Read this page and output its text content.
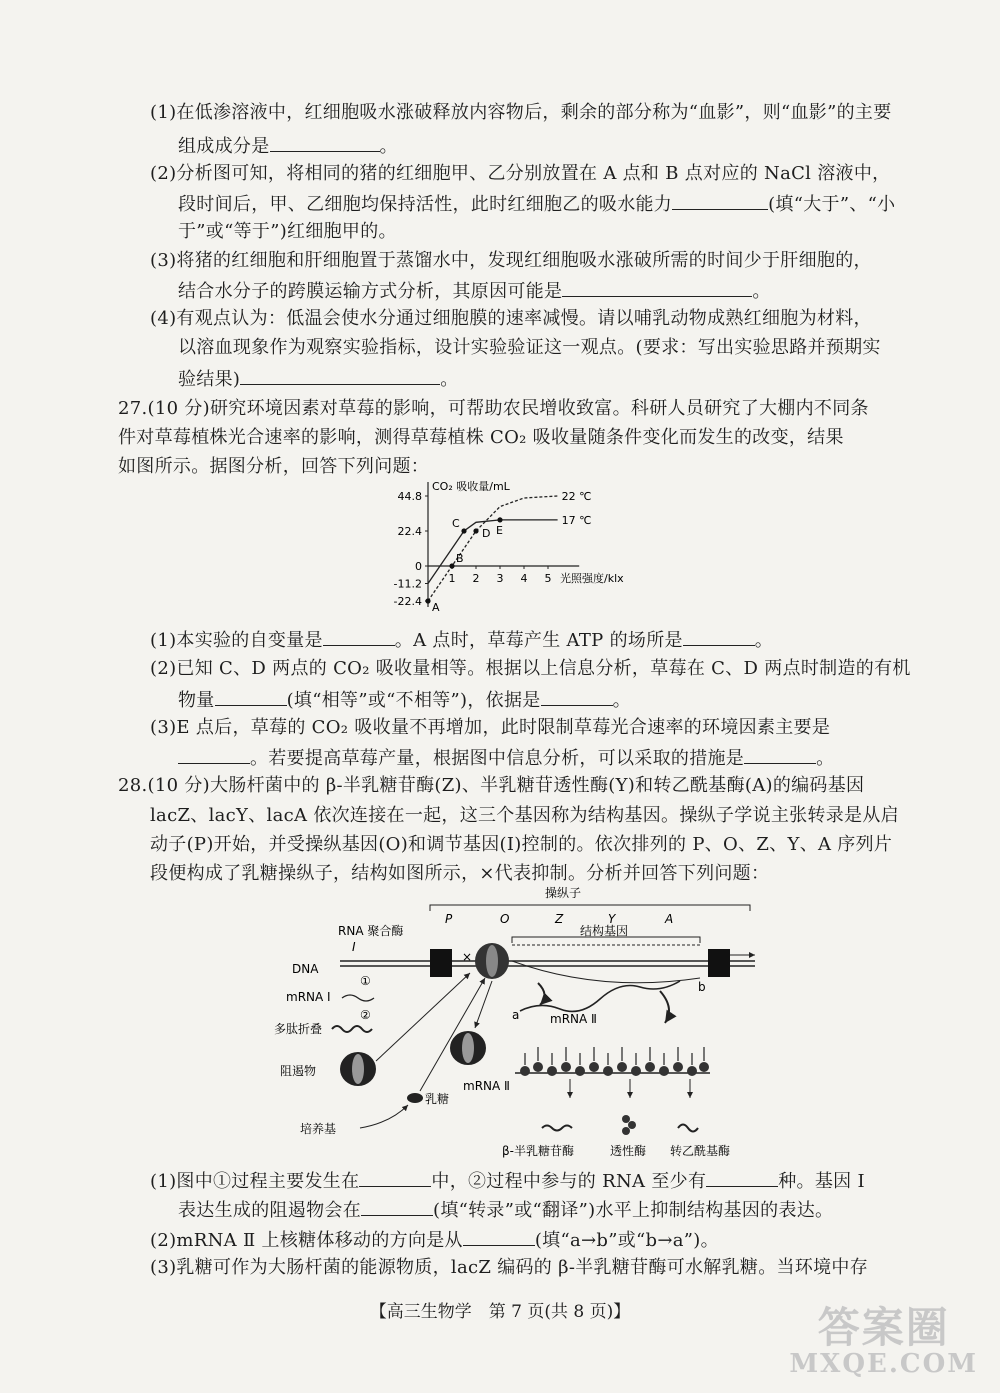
(1)在低渗溶液中，红细胞吸水涨破释放内容物后，剩余的部分称为“血影”，则“血影”的主要
组成成分是	。
(2)分析图可知，将相同的猪的红细胞甲、乙分别放置在 A 点和 B 点对应的 NaCl 溶液中，
段时间后，甲、乙细胞均保持活性，此时红细胞乙的吸水能力	(填“大于”、“小
于”或“等于”)红细胞甲的。
(3)将猪的红细胞和肝细胞置于蒸馏水中，发现红细胞吸水涨破所需的时间少于肝细胞的，
结合水分子的跨膜运输方式分析，其原因可能是	。
(4)有观点认为：低温会使水分通过细胞膜的速率减慢。请以哺乳动物成熟红细胞为材料，
以溶血现象作为观察实验指标，设计实验验证这一观点。(要求：写出实验思路并预期实
验结果)	。
27.(10 分)研究环境因素对草莓的影响，可帮助农民增收致富。科研人员研究了大棚内不同条
件对草莓植株光合速率的影响，测得草莓植株 CO₂ 吸收量随条件变化而发生的改变，结果
如图所示。据图分析，回答下列问题：
CO₂ 吸收量/mL
光照强度/klx
44.8
22.4
0
-11.2
-22.4
1 2 3 4 5
22 ℃
17 ℃
A
B
C
D E
(1)本实验的自变量是	。A 点时，草莓产生 ATP 的场所是	。
(2)已知 C、D 两点的 CO₂ 吸收量相等。根据以上信息分析，草莓在 C、D 两点时制造的有机
物量	(填“相等”或“不相等”)，依据是	。
(3)E 点后，草莓的 CO₂ 吸收量不再增加，此时限制草莓光合速率的环境因素主要是
。若要提高草莓产量，根据图中信息分析，可以采取的措施是	。
28.(10 分)大肠杆菌中的 β-半乳糖苷酶(Z)、半乳糖苷透性酶(Y)和转乙酰基酶(A)的编码基因
lacZ、lacY、lacA 依次连接在一起，这三个基因称为结构基因。操纵子学说主张转录是从启
动子(P)开始，并受操纵基因(O)和调节基因(I)控制的。依次排列的 P、O、Z、Y、A 序列片
段便构成了乳糖操纵子，结构如图所示，×代表抑制。分析并回答下列问题：
操纵子
P	O	Z	Y	A
结构基因
RNA 聚合酶
I
DNA
×
b
①
mRNA Ⅰ
②
多肽折叠
阻遏物
乳糖
培养基
mRNA Ⅱ
a	mRNA Ⅱ
β-半乳糖苷酶	透性酶 转乙酰基酶
(1)图中①过程主要发生在	中，②过程中参与的 RNA 至少有	种。基因 I
表达生成的阻遏物会在	(填“转录”或“翻译”)水平上抑制结构基因的表达。
(2)mRNA Ⅱ 上核糖体移动的方向是从	(填“a→b”或“b→a”)。
(3)乳糖可作为大肠杆菌的能源物质，lacZ 编码的 β-半乳糖苷酶可水解乳糖。当环境中存
【高三生物学　第 7 页(共 8 页)】	答案圈
MXQE.COM
